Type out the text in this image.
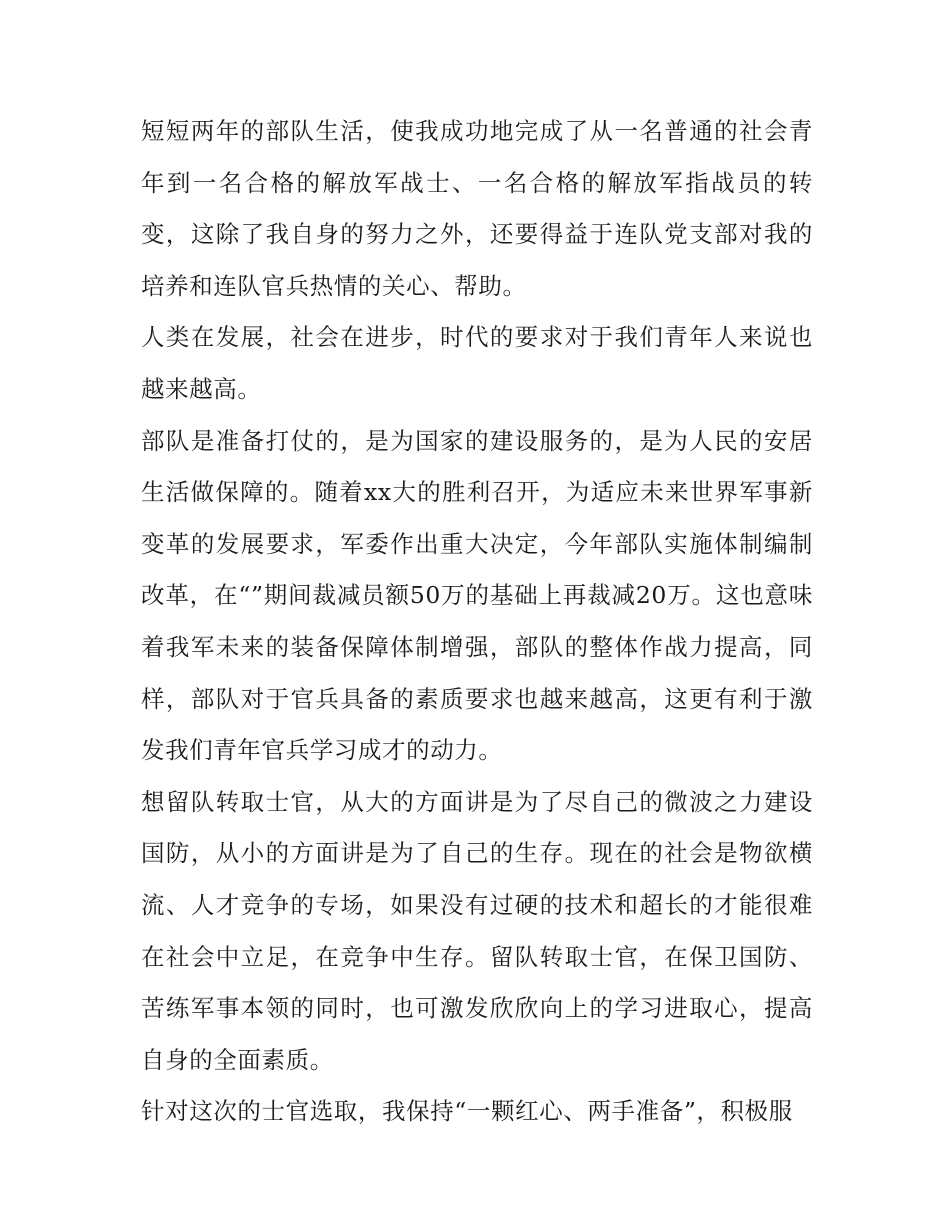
短短两年的部队生活，使我成功地完成了从一名普通的社会青年到一名合格的解放军战士、一名合格的解放军指战员的转变，这除了我自身的努力之外，还要得益于连队党支部对我的培养和连队官兵热情的关心、帮助。

人类在发展，社会在进步，时代的要求对于我们青年人来说也越来越高。

部队是准备打仗的，是为国家的建设服务的，是为人民的安居生活做保障的。随着xx大的胜利召开，为适应未来世界军事新变革的发展要求，军委作出重大决定，今年部队实施体制编制改革，在“”期间裁减员额50万的基础上再裁减20万。这也意味着我军未来的装备保障体制增强，部队的整体作战力提高，同样，部队对于官兵具备的素质要求也越来越高，这更有利于激发我们青年官兵学习成才的动力。

想留队转取士官，从大的方面讲是为了尽自己的微波之力建设国防，从小的方面讲是为了自己的生存。现在的社会是物欲横流、人才竞争的专场，如果没有过硬的技术和超长的才能很难在社会中立足，在竞争中生存。留队转取士官，在保卫国防、苦练军事本领的同时，也可激发欣欣向上的学习进取心，提高自身的全面素质。

针对这次的士官选取，我保持“一颗红心、两手准备”，积极服
